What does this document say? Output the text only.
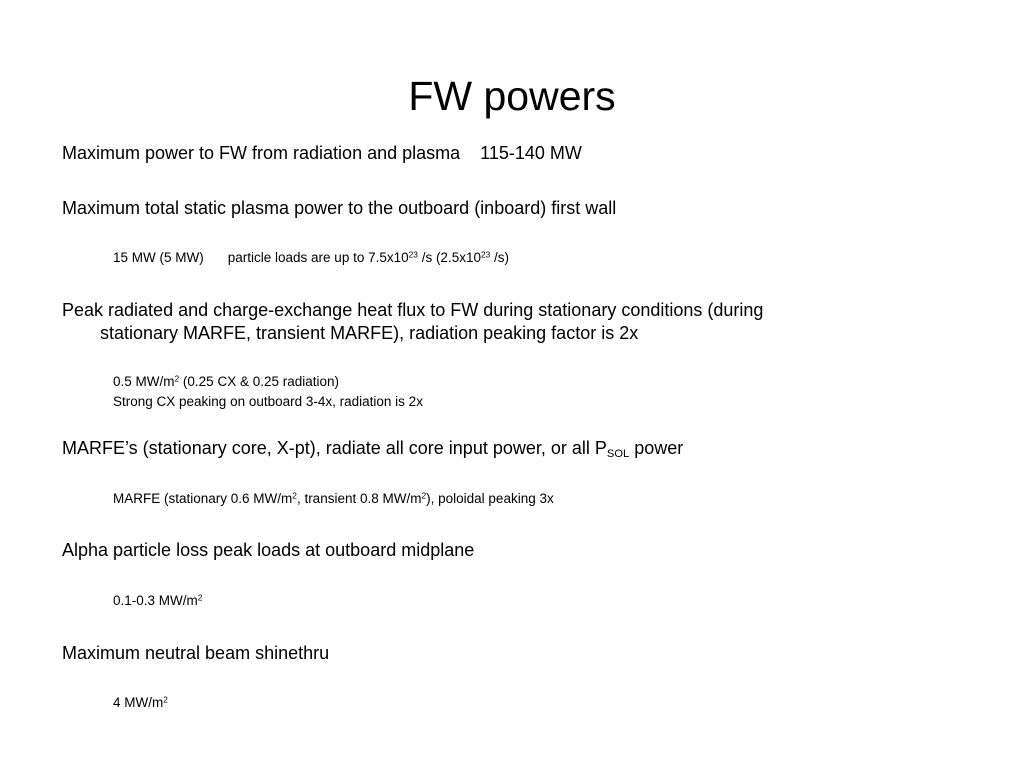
FW powers
Maximum power to FW from radiation and plasma 115-140 MW
Maximum total static plasma power to the outboard (inboard) first wall
15 MW (5 MW) particle loads are up to $7.5x10^{23}$ /s ($2.5x10^{23}$ /s)
Peak radiated and charge-exchange heat flux to FW during stationary conditions (during
stationary MARFE, transient MARFE), radiation peaking factor is 2x
0.5 $MW/m^2$ (0.25 CX & 0.25 radiation)
Strong CX peaking on outboard 3-4x, radiation is 2x
MARFE’s (stationary core, X-pt), radiate all core input power, or all $P_{SOL}$ power
MARFE (stationary 0.6 $MW/m^2$, transient 0.8 $MW/m^2$), poloidal peaking 3x
Alpha particle loss peak loads at outboard midplane
0.1-0.3 $MW/m^2$
Maximum neutral beam shinethru
4 $MW/m^2$
